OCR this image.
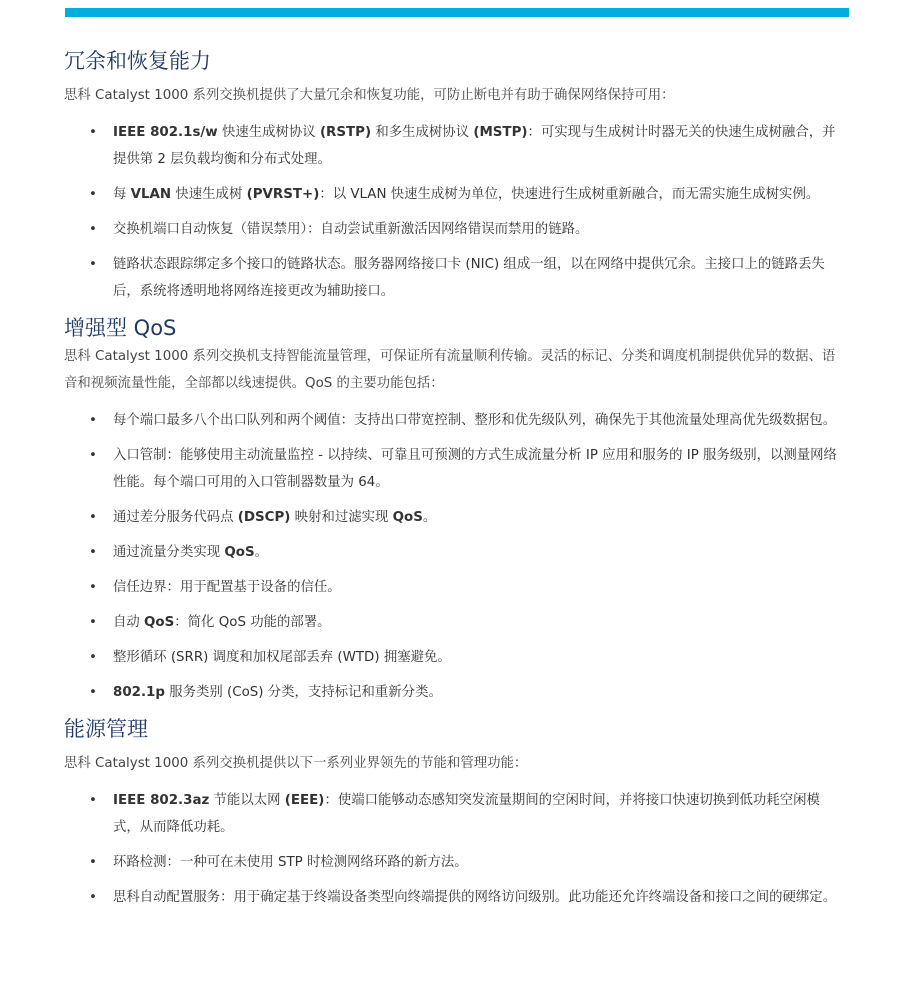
冗余和恢复能力

思科 Catalyst 1000 系列交换机提供了大量冗余和恢复功能，可防止断电并有助于确保网络保持可用：

• IEEE 802.1s/w 快速生成树协议 (RSTP) 和多生成树协议 (MSTP)：可实现与生成树计时器无关的快速生成树融合，并提供第 2 层负载均衡和分布式处理。
• 每 VLAN 快速生成树 (PVRST+)：以 VLAN 快速生成树为单位，快速进行生成树重新融合，而无需实施生成树实例。
• 交换机端口自动恢复（错误禁用）：自动尝试重新激活因网络错误而禁用的链路。
• 链路状态跟踪绑定多个接口的链路状态。服务器网络接口卡 (NIC) 组成一组，以在网络中提供冗余。主接口上的链路丢失后，系统将透明地将网络连接更改为辅助接口。
增强型 QoS

思科 Catalyst 1000 系列交换机支持智能流量管理，可保证所有流量顺利传输。灵活的标记、分类和调度机制提供优异的数据、语音和视频流量性能，全部都以线速提供。QoS 的主要功能包括：

• 每个端口最多八个出口队列和两个阈值：支持出口带宽控制、整形和优先级队列，确保先于其他流量处理高优先级数据包。
• 入口管制：能够使用主动流量监控 - 以持续、可靠且可预测的方式生成流量分析 IP 应用和服务的 IP 服务级别，以测量网络性能。每个端口可用的入口管制器数量为 64。
• 通过差分服务代码点 (DSCP) 映射和过滤实现 QoS。
• 通过流量分类实现 QoS。
• 信任边界：用于配置基于设备的信任。
• 自动 QoS：简化 QoS 功能的部署。
• 整形循环 (SRR) 调度和加权尾部丢弃 (WTD) 拥塞避免。
• 802.1p 服务类别 (CoS) 分类，支持标记和重新分类。
能源管理

思科 Catalyst 1000 系列交换机提供以下一系列业界领先的节能和管理功能：

• IEEE 802.3az 节能以太网 (EEE)：使端口能够动态感知突发流量期间的空闲时间，并将接口快速切换到低功耗空闲模式，从而降低功耗。
• 环路检测：一种可在未使用 STP 时检测网络环路的新方法。
• 思科自动配置服务：用于确定基于终端设备类型向终端提供的网络访问级别。此功能还允许终端设备和接口之间的硬绑定。
